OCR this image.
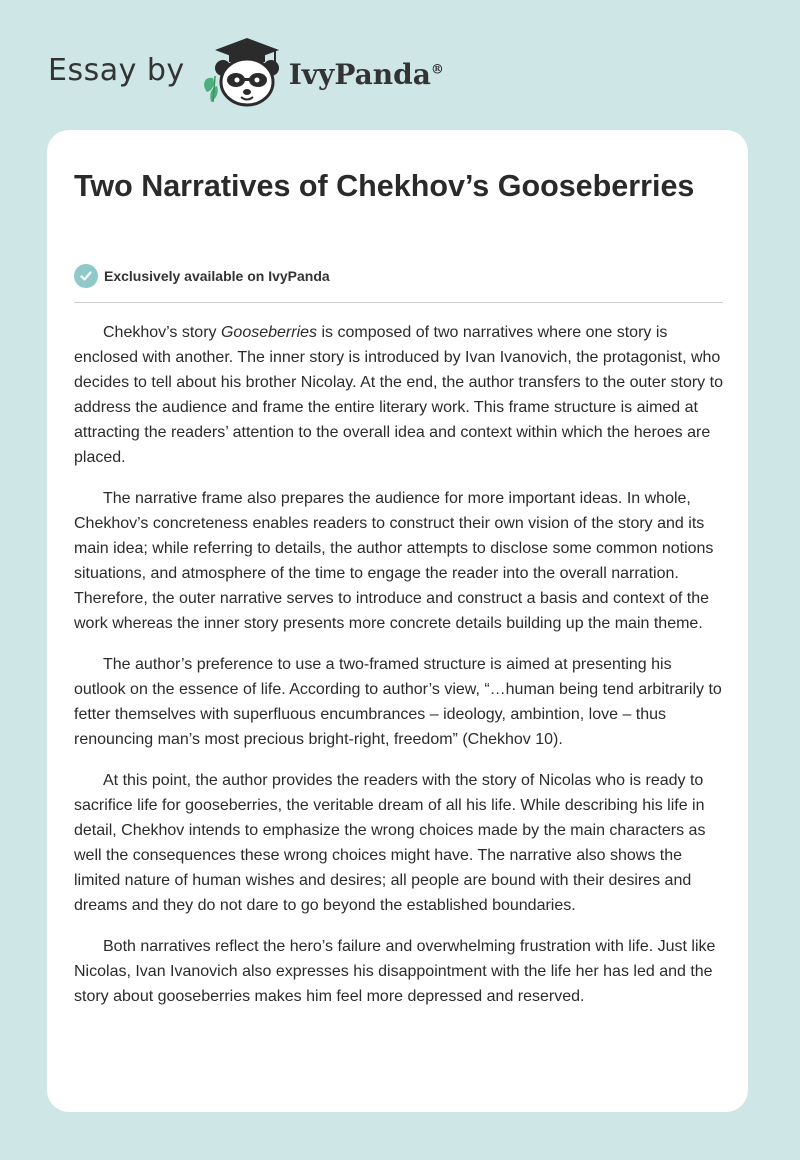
Essay by	IvyPanda®
Two Narratives of Chekhov’s Gooseberries
Exclusively available on IvyPanda

Chekhov’s story Gooseberries is composed of two narratives where one story is enclosed with another. The inner story is introduced by Ivan Ivanovich, the protagonist, who decides to tell about his brother Nicolay. At the end, the author transfers to the outer story to address the audience and frame the entire literary work. This frame structure is aimed at attracting the readers’ attention to the overall idea and context within which the heroes are placed.

The narrative frame also prepares the audience for more important ideas. In whole, Chekhov’s concreteness enables readers to construct their own vision of the story and its main idea; while referring to details, the author attempts to disclose some common notions situations, and atmosphere of the time to engage the reader into the overall narration. Therefore, the outer narrative serves to introduce and construct a basis and context of the work whereas the inner story presents more concrete details building up the main theme.

The author’s preference to use a two-framed structure is aimed at presenting his outlook on the essence of life. According to author’s view, “…human being tend arbitrarily to fetter themselves with superfluous encumbrances – ideology, ambintion, love – thus renouncing man’s most precious bright-right, freedom” (Chekhov 10).

At this point, the author provides the readers with the story of Nicolas who is ready to sacrifice life for gooseberries, the veritable dream of all his life. While describing his life in detail, Chekhov intends to emphasize the wrong choices made by the main characters as well the consequences these wrong choices might have. The narrative also shows the limited nature of human wishes and desires; all people are bound with their desires and dreams and they do not dare to go beyond the established boundaries.

Both narratives reflect the hero’s failure and overwhelming frustration with life. Just like Nicolas, Ivan Ivanovich also expresses his disappointment with the life her has led and the story about gooseberries makes him feel more depressed and reserved.
